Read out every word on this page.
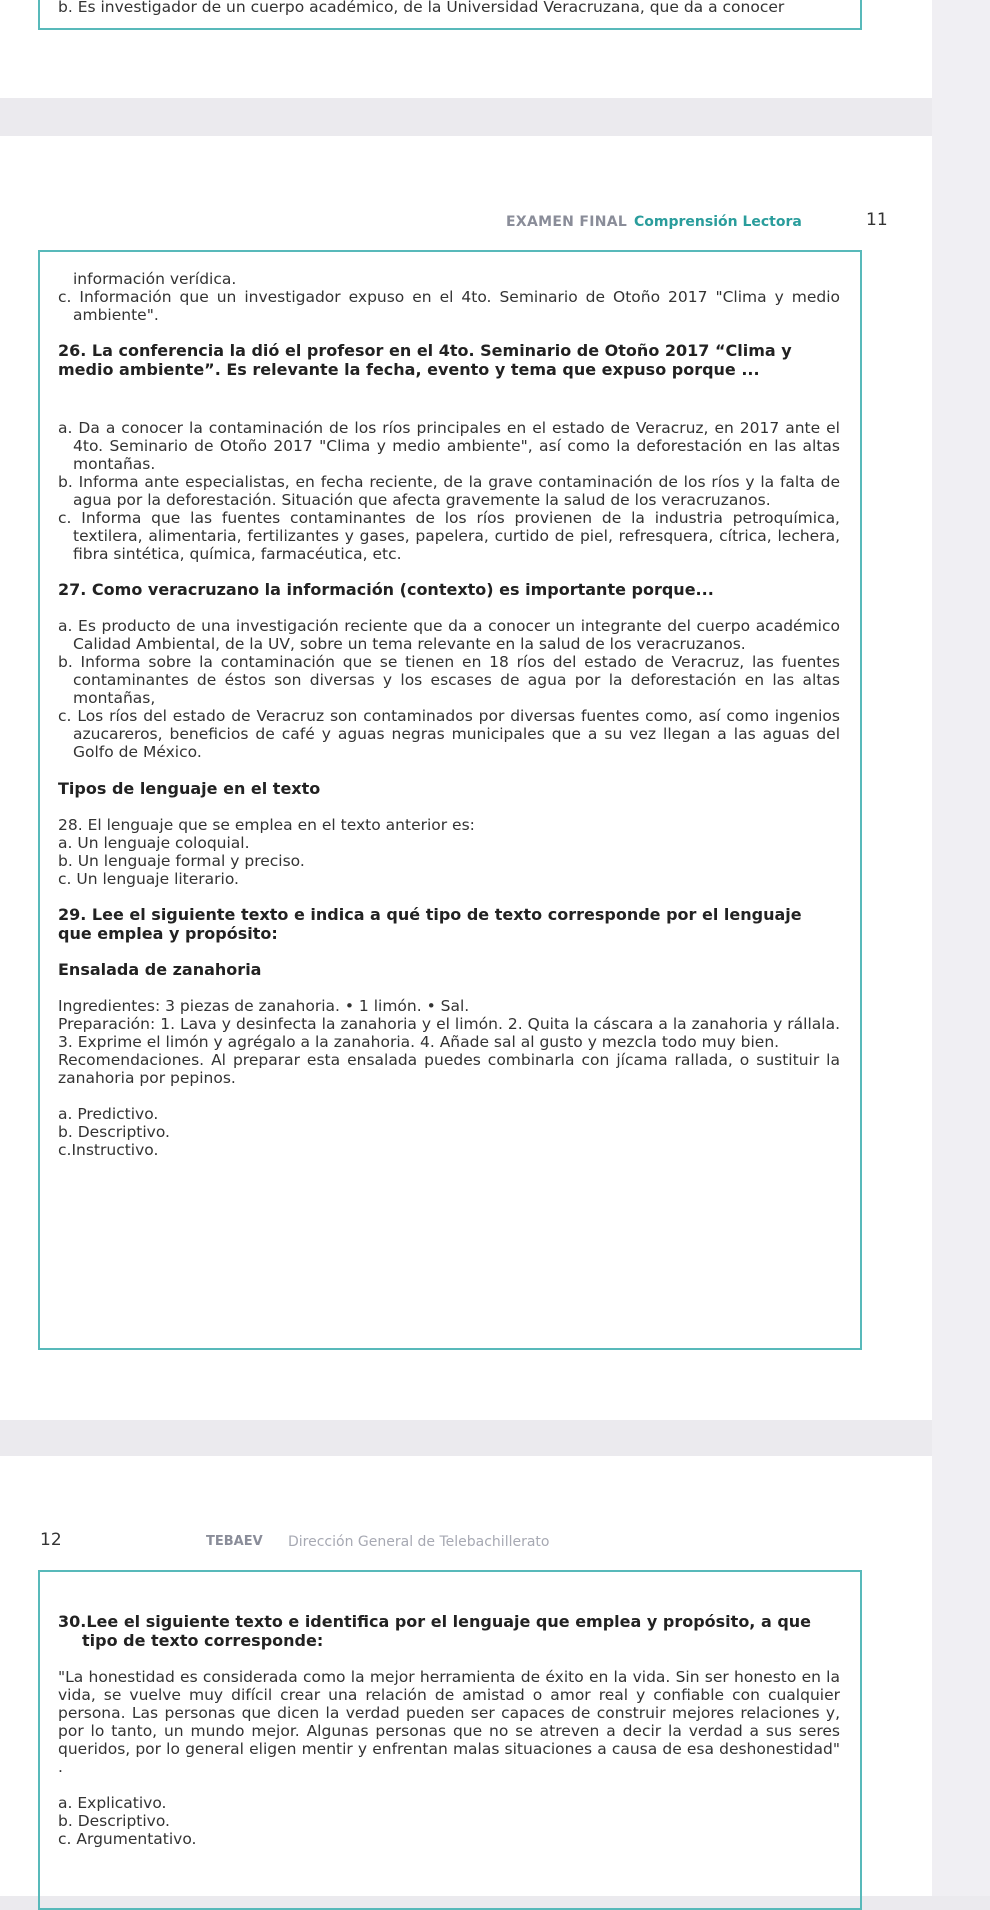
b. Es investigador de un cuerpo académico, de la Universidad Veracruzana, que da a conocer
EXAMEN FINAL Comprensión Lectora	11

información verídica.

c. Información que un investigador expuso en el 4to. Seminario de Otoño 2017 "Clima y medio ambiente".

26. La conferencia la dió el profesor en el 4to. Seminario de Otoño 2017 “Clima y medio ambiente”. Es relevante la fecha, evento y tema que expuso porque ...

a. Da a conocer la contaminación de los ríos principales en el estado de Veracruz, en 2017 ante el 4to. Seminario de Otoño 2017 "Clima y medio ambiente", así como la deforestación en las altas montañas.

b. Informa ante especialistas, en fecha reciente, de la grave contaminación de los ríos y la falta de agua por la deforestación. Situación que afecta gravemente la salud de los veracruzanos.

c. Informa que las fuentes contaminantes de los ríos provienen de la industria petroquímica, textilera, alimentaria, fertilizantes y gases, papelera, curtido de piel, refresquera, cítrica, lechera, fibra sintética, química, farmacéutica, etc.

27. Como veracruzano la información (contexto) es importante porque...

a. Es producto de una investigación reciente que da a conocer un integrante del cuerpo académico Calidad Ambiental, de la UV, sobre un tema relevante en la salud de los veracruzanos.

b. Informa sobre la contaminación que se tienen en 18 ríos del estado de Veracruz, las fuentes contaminantes de éstos son diversas y los escases de agua por la deforestación en las altas montañas,

c. Los ríos del estado de Veracruz son contaminados por diversas fuentes como, así como ingenios azucareros, beneficios de café y aguas negras municipales que a su vez llegan a las aguas del Golfo de México.

Tipos de lenguaje en el texto

28. El lenguaje que se emplea en el texto anterior es:

a. Un lenguaje coloquial.

b. Un lenguaje formal y preciso.

c. Un lenguaje literario.

29. Lee el siguiente texto e indica a qué tipo de texto corresponde por el lenguaje que emplea y propósito:

Ensalada de zanahoria

Ingredientes: 3 piezas de zanahoria. • 1 limón. • Sal.

Preparación: 1. Lava y desinfecta la zanahoria y el limón. 2. Quita la cáscara a la zanahoria y rállala. 3. Exprime el limón y agrégalo a la zanahoria. 4. Añade sal al gusto y mezcla todo muy bien.

Recomendaciones. Al preparar esta ensalada puedes combinarla con jícama rallada, o sustituir la zanahoria por pepinos.

a. Predictivo.

b. Descriptivo.

c.Instructivo.

12	TEBAEV Dirección General de Telebachillerato

30.Lee el siguiente texto e identifica por el lenguaje que emplea y propósito, a que tipo de texto corresponde:

"La honestidad es considerada como la mejor herramienta de éxito en la vida. Sin ser honesto en la vida, se vuelve muy difícil crear una relación de amistad o amor real y confiable con cualquier persona. Las personas que dicen la verdad pueden ser capaces de construir mejores relaciones y, por lo tanto, un mundo mejor. Algunas personas que no se atreven a decir la verdad a sus seres queridos, por lo general eligen mentir y enfrentan malas situaciones a causa de esa deshonestidad" .

a. Explicativo.

b. Descriptivo.

c. Argumentativo.
